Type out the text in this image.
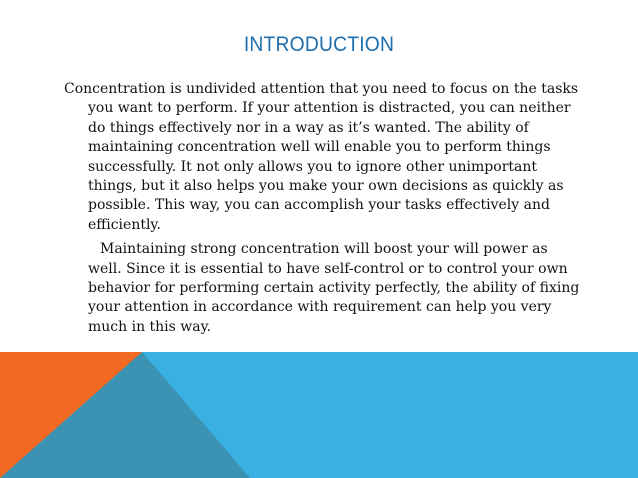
INTRODUCTION

Concentration is undivided attention that you need to focus on the tasks you want to perform. If your attention is distracted, you can neither do things effectively nor in a way as it’s wanted. The ability of maintaining concentration well will enable you to perform things successfully. It not only allows you to ignore other unimportant things, but it also helps you make your own decisions as quickly as possible. This way, you can accomplish your tasks effectively and efficiently.

Maintaining strong concentration will boost your will power as well. Since it is essential to have self-control or to control your own behavior for performing certain activity perfectly, the ability of fixing your attention in accordance with requirement can help you very much in this way.
